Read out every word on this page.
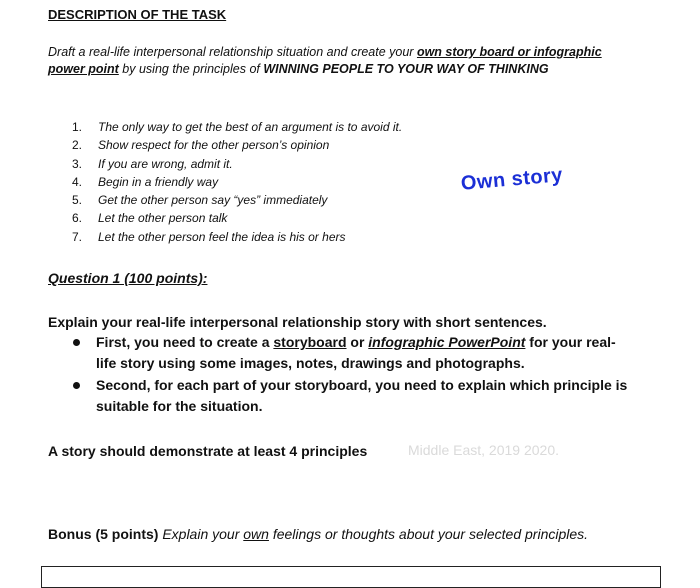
DESCRIPTION OF THE TASK
Draft a real-life interpersonal relationship situation and create your own story board or infographic power point by using the principles of WINNING PEOPLE TO YOUR WAY OF THINKING
1.	The only way to get the best of an argument is to avoid it.
2.	Show respect for the other person’s opinion
3.	If you are wrong, admit it.
4.	Begin in a friendly way
5.	Get the other person say “yes” immediately
6.	Let the other person talk
7.	Let the other person feel the idea is his or hers
Own story
Question 1 (100 points):
Explain your real-life interpersonal relationship story with short sentences.
First, you need to create a storyboard or infographic PowerPoint for your real-life story using some images, notes, drawings and photographs.
Second, for each part of your storyboard, you need to explain which principle is suitable for the situation.
Middle East, 2019 2020.
A story should demonstrate at least 4 principles
Bonus (5 points) Explain your own feelings or thoughts about your selected principles.
